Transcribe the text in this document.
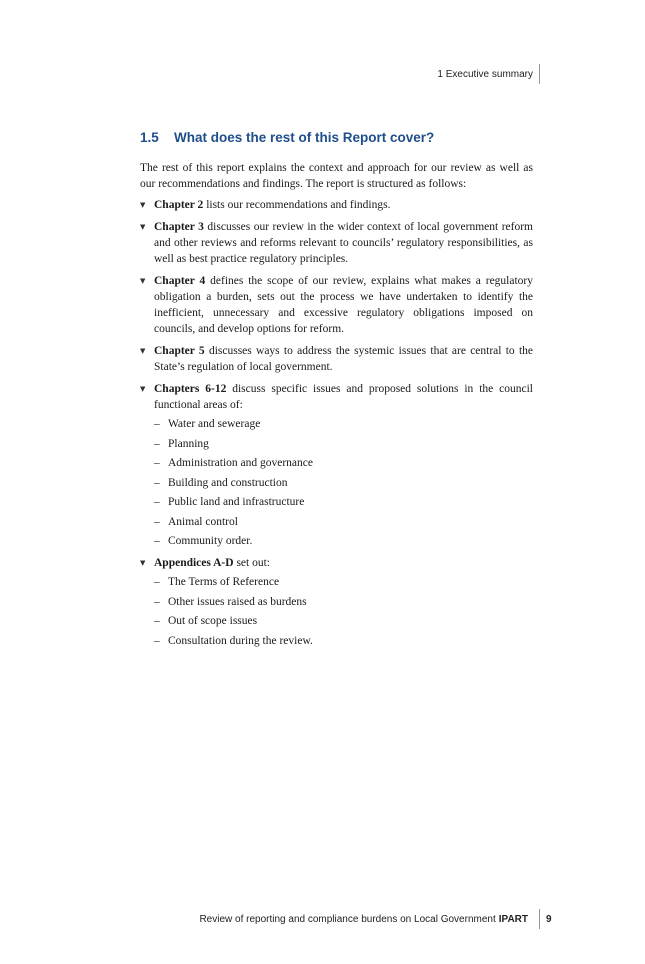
1 Executive summary
1.5 What does the rest of this Report cover?

The rest of this report explains the context and approach for our review as well as our recommendations and findings. The report is structured as follows:

▼ Chapter 2 lists our recommendations and findings.
▼ Chapter 3 discusses our review in the wider context of local government reform and other reviews and reforms relevant to councils’ regulatory responsibilities, as well as best practice regulatory principles.
▼ Chapter 4 defines the scope of our review, explains what makes a regulatory obligation a burden, sets out the process we have undertaken to identify the inefficient, unnecessary and excessive regulatory obligations imposed on councils, and develop options for reform.
▼ Chapter 5 discusses ways to address the systemic issues that are central to the State’s regulation of local government.
▼ Chapters 6-12 discuss specific issues and proposed solutions in the council functional areas of:
– Water and sewerage
– Planning
– Administration and governance
– Building and construction
– Public land and infrastructure
– Animal control
– Community order.
▼ Appendices A-D set out:
– The Terms of Reference
– Other issues raised as burdens
– Out of scope issues
– Consultation during the review.
Review of reporting and compliance burdens on Local Government IPART 9
